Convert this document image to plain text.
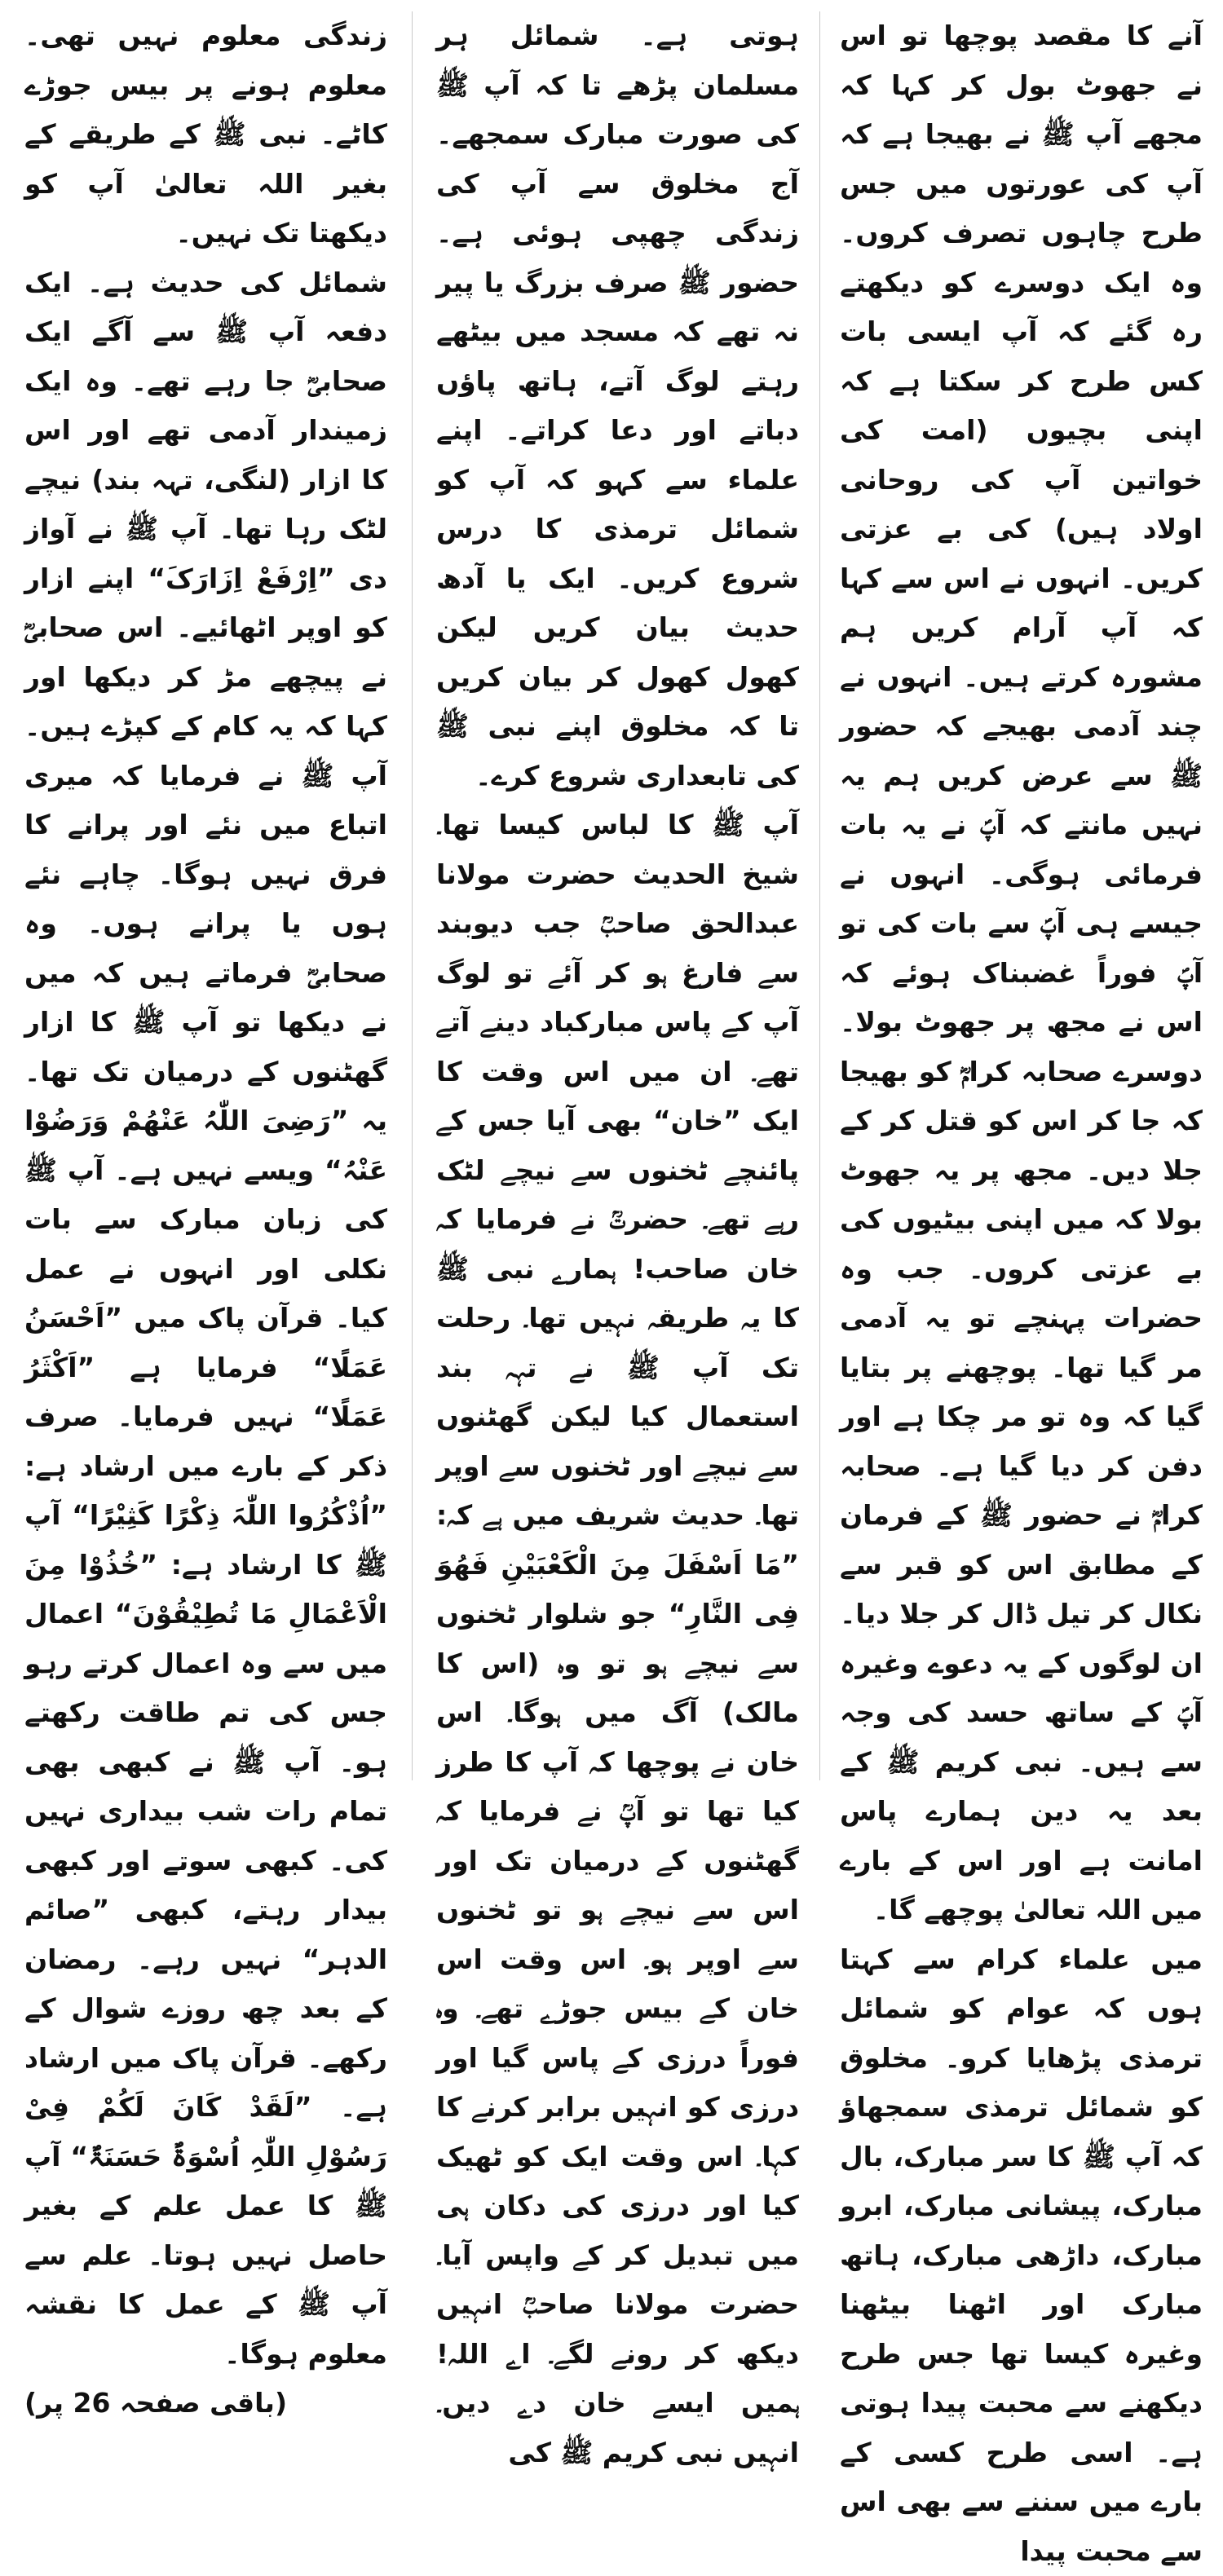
آنے کا مقصد پوچھا تو اس نے جھوٹ بول کر کہا کہ مجھے آپ ﷺ نے بھیجا ہے کہ آپ کی عورتوں میں جس طرح چاہوں تصرف کروں۔ وہ ایک دوسرے کو دیکھتے رہ گئے کہ آپ ایسی بات کس طرح کر سکتا ہے کہ اپنی بچیوں (امت کی خواتین آپ کی روحانی اولاد ہیں) کی بے عزتی کریں۔ انہوں نے اس سے کہا کہ آپ آرام کریں ہم مشورہ کرتے ہیں۔ انہوں نے چند آدمی بھیجے کہ حضور ﷺ سے عرض کریں ہم یہ نہیں مانتے کہ آپؐ نے یہ بات فرمائی ہوگی۔ انہوں نے جیسے ہی آپؐ سے بات کی تو آپؐ فوراً غضبناک ہوئے کہ اس نے مجھ پر جھوٹ بولا۔ دوسرے صحابہ کرامؓ کو بھیجا کہ جا کر اس کو قتل کر کے جلا دیں۔ مجھ پر یہ جھوٹ بولا کہ میں اپنی بیٹیوں کی بے عزتی کروں۔ جب وہ حضرات پہنچے تو یہ آدمی مر گیا تھا۔ پوچھنے پر بتایا گیا کہ وہ تو مر چکا ہے اور دفن کر دیا گیا ہے۔ صحابہ کرامؓ نے حضور ﷺ کے فرمان کے مطابق اس کو قبر سے نکال کر تیل ڈال کر جلا دیا۔ ان لوگوں کے یہ دعوے وغیرہ آپؐ کے ساتھ حسد کی وجہ سے ہیں۔ نبی کریم ﷺ کے بعد یہ دین ہمارے پاس امانت ہے اور اس کے بارے میں اللہ تعالیٰ پوچھے گا۔

میں علماء کرام سے کہتا ہوں کہ عوام کو شمائل ترمذی پڑھایا کرو۔ مخلوق کو شمائل ترمذی سمجھاؤ کہ آپ ﷺ کا سر مبارک، بال مبارک، پیشانی مبارک، ابرو مبارک، داڑھی مبارک، ہاتھ مبارک اور اٹھنا بیٹھنا وغیرہ کیسا تھا جس طرح دیکھنے سے محبت پیدا ہوتی ہے۔ اسی طرح کسی کے بارے میں سننے سے بھی اس سے محبت پیدا

ہوتی ہے۔ شمائل ہر مسلمان پڑھے تا کہ آپ ﷺ کی صورت مبارک سمجھے۔ آج مخلوق سے آپ کی زندگی چھپی ہوئی ہے۔ حضور ﷺ صرف بزرگ یا پیر نہ تھے کہ مسجد میں بیٹھے رہتے لوگ آتے، ہاتھ پاؤں دباتے اور دعا کراتے۔ اپنے علماء سے کہو کہ آپ کو شمائل ترمذی کا درس شروع کریں۔ ایک یا آدھ حدیث بیان کریں لیکن کھول کھول کر بیان کریں تا کہ مخلوق اپنے نبی ﷺ کی تابعداری شروع کرے۔

آپ ﷺ کا لباس کیسا تھا۔ شیخ الحدیث حضرت مولانا عبدالحق صاحبؒ جب دیوبند سے فارغ ہو کر آئے تو لوگ آپ کے پاس مبارکباد دینے آتے تھے۔ ان میں اس وقت کا ایک ”خان“ بھی آیا جس کے پائنچے ٹخنوں سے نیچے لٹک رہے تھے۔ حضرتؒ نے فرمایا کہ خان صاحب! ہمارے نبی ﷺ کا یہ طریقہ نہیں تھا۔ رحلت تک آپ ﷺ نے تہہ بند استعمال کیا لیکن گھٹنوں سے نیچے اور ٹخنوں سے اوپر تھا۔ حدیث شریف میں ہے کہ: ”مَا اَسْفَلَ مِنَ الْکَعْبَیْنِ فَھُوَ فِی النَّارِ“ جو شلوار ٹخنوں سے نیچے ہو تو وہ (اس کا مالک) آگ میں ہوگا۔ اس خان نے پوچھا کہ آپ کا طرز کیا تھا تو آپؒ نے فرمایا کہ گھٹنوں کے درمیان تک اور اس سے نیچے ہو تو ٹخنوں سے اوپر ہو۔ اس وقت اس خان کے بیس جوڑے تھے۔ وہ فوراً درزی کے پاس گیا اور درزی کو انہیں برابر کرنے کا کہا۔ اس وقت ایک کو ٹھیک کیا اور درزی کی دکان ہی میں تبدیل کر کے واپس آیا۔ حضرت مولانا صاحبؒ انہیں دیکھ کر رونے لگے۔ اے اللہ! ہمیں ایسے خان دے دیں۔ انہیں نبی کریم ﷺ کی

زندگی معلوم نہیں تھی۔ معلوم ہونے پر بیس جوڑے کاٹے۔ نبی ﷺ کے طریقے کے بغیر اللہ تعالیٰ آپ کو دیکھتا تک نہیں۔

شمائل کی حدیث ہے۔ ایک دفعہ آپ ﷺ سے آگے ایک صحابیؓ جا رہے تھے۔ وہ ایک زمیندار آدمی تھے اور اس کا ازار (لنگی، تہہ بند) نیچے لٹک رہا تھا۔ آپ ﷺ نے آواز دی ”اِرْفَعْ اِزَارَکَ“ اپنے ازار کو اوپر اٹھائیے۔ اس صحابیؓ نے پیچھے مڑ کر دیکھا اور کہا کہ یہ کام کے کپڑے ہیں۔ آپ ﷺ نے فرمایا کہ میری اتباع میں نئے اور پرانے کا فرق نہیں ہوگا۔ چاہے نئے ہوں یا پرانے ہوں۔ وہ صحابیؓ فرماتے ہیں کہ میں نے دیکھا تو آپ ﷺ کا ازار گھٹنوں کے درمیان تک تھا۔ یہ ”رَضِیَ اللّٰہُ عَنْھُمْ وَرَضُوْا عَنْہُ“ ویسے نہیں ہے۔ آپ ﷺ کی زبان مبارک سے بات نکلی اور انہوں نے عمل کیا۔ قرآن پاک میں ”اَحْسَنُ عَمَلًا“ فرمایا ہے ”اَکْثَرُ عَمَلًا“ نہیں فرمایا۔ صرف ذکر کے بارے میں ارشاد ہے: ”اُذْکُرُوا اللّٰہَ ذِکْرًا کَثِیْرًا“ آپ ﷺ کا ارشاد ہے: ”خُذُوْا مِنَ الْاَعْمَالِ مَا تُطِیْقُوْنَ“ اعمال میں سے وہ اعمال کرتے رہو جس کی تم طاقت رکھتے ہو۔ آپ ﷺ نے کبھی بھی تمام رات شب بیداری نہیں کی۔ کبھی سوتے اور کبھی بیدار رہتے، کبھی ”صائم الدہر“ نہیں رہے۔ رمضان کے بعد چھ روزے شوال کے رکھے۔ قرآن پاک میں ارشاد ہے۔ ”لَقَدْ کَانَ لَکُمْ فِیْ رَسُوْلِ اللّٰہِ اُسْوَۃٌ حَسَنَۃٌ“ آپ ﷺ کا عمل علم کے بغیر حاصل نہیں ہوتا۔ علم سے آپ ﷺ کے عمل کا نقشہ معلوم ہوگا۔

(باقی صفحہ 26 پر)
